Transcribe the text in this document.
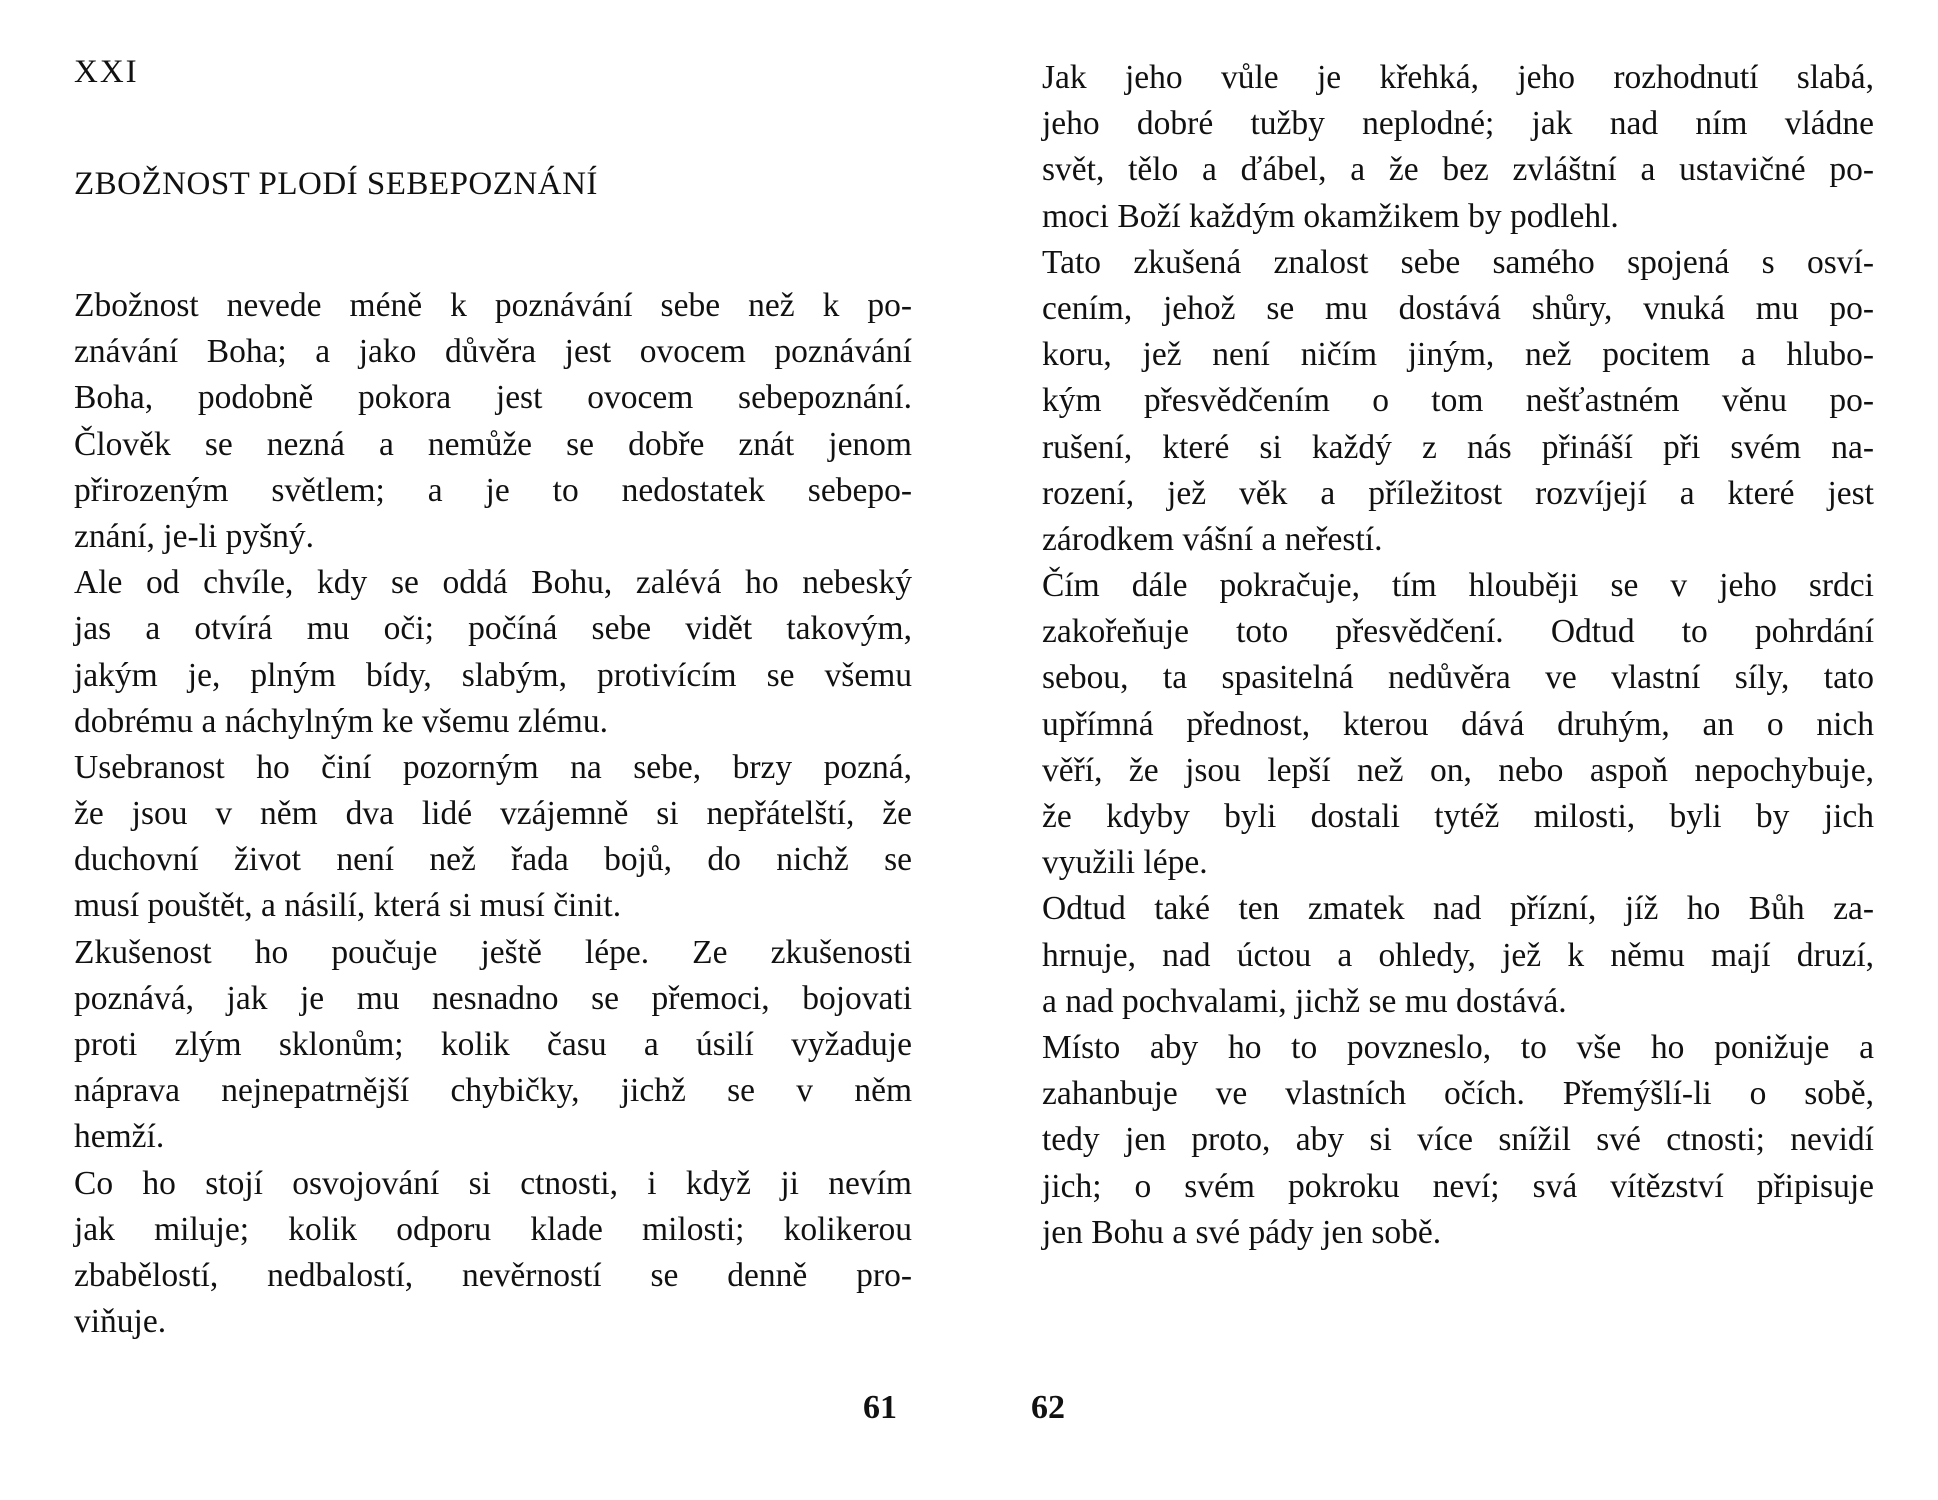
XXI
ZBOŽNOST PLODÍ SEBEPOZNÁNÍ

Zbožnost nevede méně k poznávání sebe než k po-
znávání Boha; a jako důvěra jest ovocem poznávání
Boha, podobně pokora jest ovocem sebepoznání.
Člověk se nezná a nemůže se dobře znát jenom
přirozeným světlem; a je to nedostatek sebepo-
znání, je-li pyšný.

Ale od chvíle, kdy se oddá Bohu, zalévá ho nebeský
jas a otvírá mu oči; počíná sebe vidět takovým,
jakým je, plným bídy, slabým, protivícím se všemu
dobrému a náchylným ke všemu zlému.

Usebranost ho činí pozorným na sebe, brzy pozná,
že jsou v něm dva lidé vzájemně si nepřátelští, že
duchovní život není než řada bojů, do nichž se
musí pouštět, a násilí, která si musí činit.

Zkušenost ho poučuje ještě lépe. Ze zkušenosti
poznává, jak je mu nesnadno se přemoci, bojovati
proti zlým sklonům; kolik času a úsilí vyžaduje
náprava nejnepatrnější chybičky, jichž se v něm
hemží.

Co ho stojí osvojování si ctnosti, i když ji nevím
jak miluje; kolik odporu klade milosti; kolikerou
zbabělostí, nedbalostí, nevěrností se denně pro-
viňuje.

61

Jak jeho vůle je křehká, jeho rozhodnutí slabá,
jeho dobré tužby neplodné; jak nad ním vládne
svět, tělo a ďábel, a že bez zvláštní a ustavičné po-
moci Boží každým okamžikem by podlehl.

Tato zkušená znalost sebe samého spojená s osví-
cením, jehož se mu dostává shůry, vnuká mu po-
koru, jež není ničím jiným, než pocitem a hlubo-
kým přesvědčením o tom nešťastném věnu po-
rušení, které si každý z nás přináší při svém na-
rození, jež věk a příležitost rozvíjejí a které jest
zárodkem vášní a neřestí.

Čím dále pokračuje, tím hlouběji se v jeho srdci
zakořeňuje toto přesvědčení. Odtud to pohrdání
sebou, ta spasitelná nedůvěra ve vlastní síly, tato
upřímná přednost, kterou dává druhým, an o nich
věří, že jsou lepší než on, nebo aspoň nepochybuje,
že kdyby byli dostali tytéž milosti, byli by jich
využili lépe.

Odtud také ten zmatek nad přízní, jíž ho Bůh za-
hrnuje, nad úctou a ohledy, jež k němu mají druzí,
a nad pochvalami, jichž se mu dostává.

Místo aby ho to povzneslo, to vše ho ponižuje a
zahanbuje ve vlastních očích. Přemýšlí-li o sobě,
tedy jen proto, aby si více snížil své ctnosti; nevidí
jich; o svém pokroku neví; svá vítězství připisuje
jen Bohu a své pády jen sobě.

62
